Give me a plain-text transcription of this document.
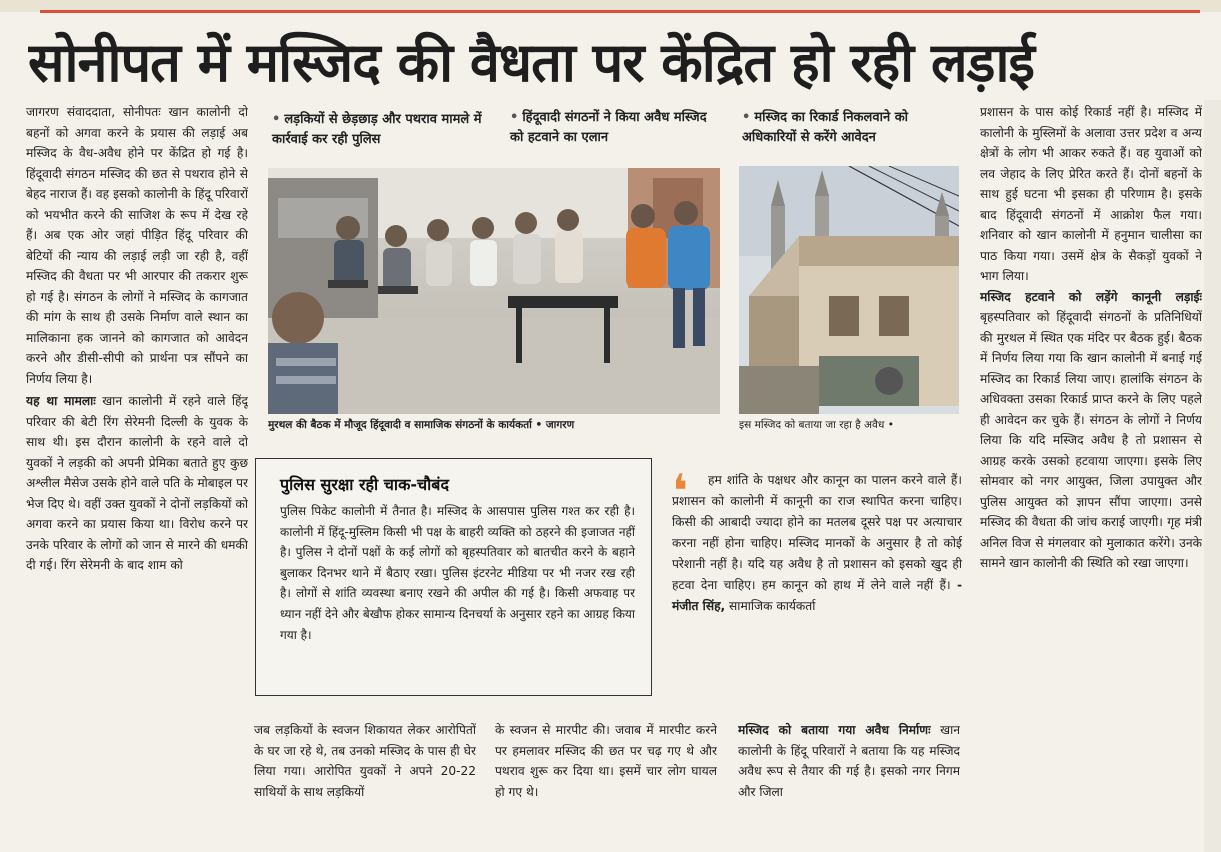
सोनीपत में मस्जिद की वैधता पर केंद्रित हो रही लड़ाई

जागरण संवाददाता, सोनीपतः खान कालोनी दो बहनों को अगवा करने के प्रयास की लड़ाई अब मस्जिद के वैध-अवैध होने पर केंद्रित हो गई है। हिंदूवादी संगठन मस्जिद की छत से पथराव होने से बेहद नाराज हैं। वह इसको कालोनी के हिंदू परिवारों को भयभीत करने की साजिश के रूप में देख रहे हैं। अब एक ओर जहां पीड़ित हिंदू परिवार की बेटियों की न्याय की लड़ाई लड़ी जा रही है, वहीं मस्जिद की वैधता पर भी आरपार की तकरार शुरू हो गई है। संगठन के लोगों ने मस्जिद के कागजात की मांग के साथ ही उसके निर्माण वाले स्थान का मालिकाना हक जानने को कागजात को आवेदन करने और डीसी-सीपी को प्रार्थना पत्र सौंपने का निर्णय लिया है।

यह था मामलाः खान कालोनी में रहने वाले हिंदू परिवार की बेटी रिंग सेरेमनी दिल्ली के युवक के साथ थी। इस दौरान कालोनी के रहने वाले दो युवकों ने लड़की को अपनी प्रेमिका बताते हुए कुछ अश्लील मैसेज उसके होने वाले पति के मोबाइल पर भेज दिए थे। वहीं उक्त युवकों ने दोनों लड़कियों को अगवा करने का प्रयास किया था। विरोध करने पर उनके परिवार के लोगों को जान से मारने की धमकी दी गई। रिंग सेरेमनी के बाद शाम को

• लड़कियों से छेड़छाड़ और पथराव मामले में कार्रवाई कर रही पुलिस
• हिंदूवादी संगठनों ने किया अवैध मस्जिद को हटवाने का एलान
• मस्जिद का रिकार्ड निकलवाने को अधिकारियों से करेंगे आवेदन
मुरथल की बैठक में मौजूद हिंदूवादी व सामाजिक संगठनों के कार्यकर्ता • जागरण	इस मस्जिद को बताया जा रहा है अवैध •
पुलिस सुरक्षा रही चाक-चौबंद
पुलिस पिकेट कालोनी में तैनात है। मस्जिद के आसपास पुलिस गश्त कर रही है। कालोनी में हिंदू-मुस्लिम किसी भी पक्ष के बाहरी व्यक्ति को ठहरने की इजाजत नहीं है। पुलिस ने दोनों पक्षों के कई लोगों को बृहस्पतिवार को बातचीत करने के बहाने बुलाकर दिनभर थाने में बैठाए रखा। पुलिस इंटरनेट मीडिया पर भी नजर रख रही है। लोगों से शांति व्यवस्था बनाए रखने की अपील की गई है। किसी अफवाह पर ध्यान नहीं देने और बेखौफ होकर सामान्य दिनचर्या के अनुसार रहने का आग्रह किया गया है।
❛	हम शांति के पक्षधर और कानून का पालन करने वाले हैं। प्रशासन को कालोनी में कानूनी का राज स्थापित करना चाहिए। किसी की आबादी ज्यादा होने का मतलब दूसरे पक्ष पर अत्याचार करना नहीं होना चाहिए। मस्जिद मानकों के अनुसार है तो कोई परेशानी नहीं है। यदि यह अवैध है तो प्रशासन को इसको खुद ही हटवा देना चाहिए। हम कानून को हाथ में लेने वाले नहीं हैं। - मंजीत सिंह, सामाजिक कार्यकर्ता

जब लड़कियों के स्वजन शिकायत लेकर आरोपितों के घर जा रहे थे, तब उनको मस्जिद के पास ही घेर लिया गया। आरोपित युवकों ने अपने 20-22 साथियों के साथ लड़कियों

के स्वजन से मारपीट की। जवाब में मारपीट करने पर हमलावर मस्जिद की छत पर चढ़ गए थे और पथराव शुरू कर दिया था। इसमें चार लोग घायल हो गए थे।

मस्जिद को बताया गया अवैध निर्माणः खान कालोनी के हिंदू परिवारों ने बताया कि यह मस्जिद अवैध रूप से तैयार की गई है। इसको नगर निगम और जिला

प्रशासन के पास कोई रिकार्ड नहीं है। मस्जिद में कालोनी के मुस्लिमों के अलावा उत्तर प्रदेश व अन्य क्षेत्रों के लोग भी आकर रुकते हैं। वह युवाओं को लव जेहाद के लिए प्रेरित करते हैं। दोनों बहनों के साथ हुई घटना भी इसका ही परिणाम है। इसके बाद हिंदूवादी संगठनों में आक्रोश फैल गया। शनिवार को खान कालोनी में हनुमान चालीसा का पाठ किया गया। उसमें क्षेत्र के सैकड़ों युवकों ने भाग लिया।

मस्जिद हटवाने को लड़ेंगे कानूनी लड़ाईः बृहस्पतिवार को हिंदूवादी संगठनों के प्रतिनिधियों की मुरथल में स्थित एक मंदिर पर बैठक हुई। बैठक में निर्णय लिया गया कि खान कालोनी में बनाई गई मस्जिद का रिकार्ड लिया जाए। हालांकि संगठन के अधिवक्ता उसका रिकार्ड प्राप्त करने के लिए पहले ही आवेदन कर चुके हैं। संगठन के लोगों ने निर्णय लिया कि यदि मस्जिद अवैध है तो प्रशासन से आग्रह करके उसको हटवाया जाएगा। इसके लिए सोमवार को नगर आयुक्त, जिला उपायुक्त और पुलिस आयुक्त को ज्ञापन सौंपा जाएगा। उनसे मस्जिद की वैधता की जांच कराई जाएगी। गृह मंत्री अनिल विज से मंगलवार को मुलाकात करेंगे। उनके सामने खान कालोनी की स्थिति को रखा जाएगा।
